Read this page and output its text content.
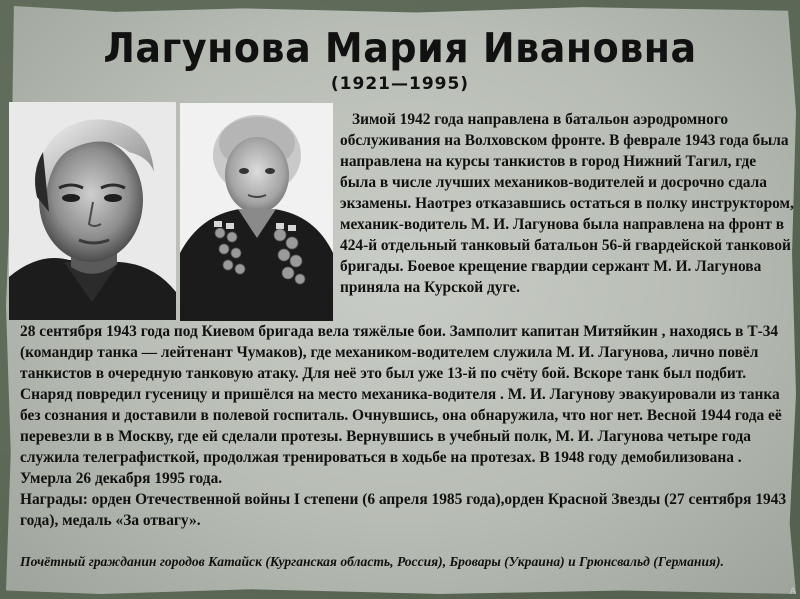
Лагунова Мария Ивановна
(1921—1995)

Зимой 1942 года направлена в батальон аэродромного обслуживания на Волховском фронте. В феврале 1943 года была направлена на курсы танкистов в город Нижний Тагил, где была в числе лучших механиков-водителей и досрочно сдала экзамены. Наотрез отказавшись остаться в полку инструктором, механик-водитель М. И. Лагунова была направлена на фронт в 424-й отдельный танковый батальон 56-й гвардейской танковой бригады. Боевое крещение гвардии сержант М. И. Лагунова приняла на Курской дуге.

28 сентября 1943 года под Киевом бригада вела тяжёлые бои. Замполит капитан Митяйкин , находясь в Т-34 (командир танка — лейтенант Чумаков), где механиком-водителем служила М. И. Лагунова, лично повёл танкистов в очередную танковую атаку. Для неё это был уже 13-й по счёту бой. Вскоре танк был подбит. Снаряд повредил гусеницу и пришёлся на место механика-водителя . М. И. Лагунову эвакуировали из танка без сознания и доставили в полевой госпиталь. Очнувшись, она обнаружила, что ног нет. Весной 1944 года её перевезли в в Москву, где ей сделали протезы. Вернувшись в учебный полк, М. И. Лагунова четыре года служила телеграфисткой, продолжая тренироваться в ходьбе на протезах. В 1948 году демобилизована . Умерла 26 декабря 1995 года.

Награды: орден Отечественной войны I степени (6 апреля 1985 года),орден Красной Звезды (27 сентября 1943 года), медаль «За отвагу».

Почётный гражданин городов Катайск (Курганская область, Россия), Бровары (Украина) и Грюнсвальд (Германия).
A
